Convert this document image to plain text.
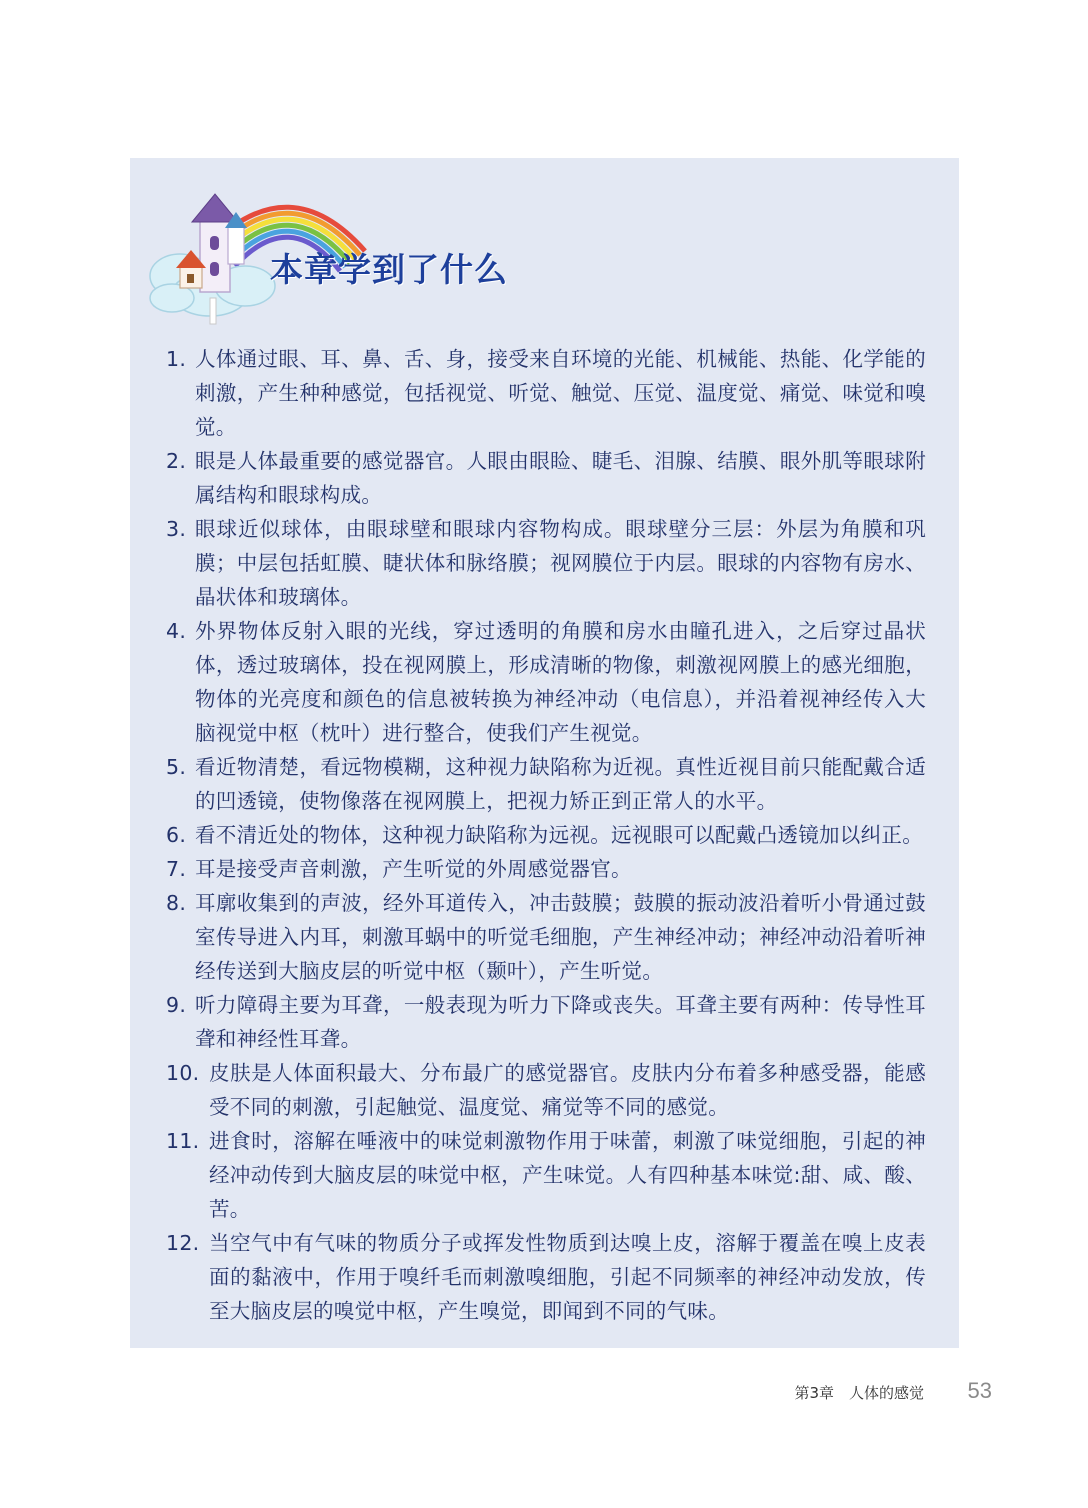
本章学到了什么
1. 人体通过眼、耳、鼻、舌、身，接受来自环境的光能、机械能、热能、化学能的刺激，产生种种感觉，包括视觉、听觉、触觉、压觉、温度觉、痛觉、味觉和嗅觉。
2. 眼是人体最重要的感觉器官。人眼由眼睑、睫毛、泪腺、结膜、眼外肌等眼球附属结构和眼球构成。
3. 眼球近似球体，由眼球壁和眼球内容物构成。眼球壁分三层：外层为角膜和巩膜；中层包括虹膜、睫状体和脉络膜；视网膜位于内层。眼球的内容物有房水、晶状体和玻璃体。
4. 外界物体反射入眼的光线，穿过透明的角膜和房水由瞳孔进入，之后穿过晶状体，透过玻璃体，投在视网膜上，形成清晰的物像，刺激视网膜上的感光细胞，物体的光亮度和颜色的信息被转换为神经冲动（电信息），并沿着视神经传入大脑视觉中枢（枕叶）进行整合，使我们产生视觉。
5. 看近物清楚，看远物模糊，这种视力缺陷称为近视。真性近视目前只能配戴合适的凹透镜，使物像落在视网膜上，把视力矫正到正常人的水平。
6. 看不清近处的物体，这种视力缺陷称为远视。远视眼可以配戴凸透镜加以纠正。
7. 耳是接受声音刺激，产生听觉的外周感觉器官。
8. 耳廓收集到的声波，经外耳道传入，冲击鼓膜；鼓膜的振动波沿着听小骨通过鼓室传导进入内耳，刺激耳蜗中的听觉毛细胞，产生神经冲动；神经冲动沿着听神经传送到大脑皮层的听觉中枢（颞叶），产生听觉。
9. 听力障碍主要为耳聋，一般表现为听力下降或丧失。耳聋主要有两种：传导性耳聋和神经性耳聋。
10. 皮肤是人体面积最大、分布最广的感觉器官。皮肤内分布着多种感受器，能感受不同的刺激，引起触觉、温度觉、痛觉等不同的感觉。
11. 进食时，溶解在唾液中的味觉刺激物作用于味蕾，刺激了味觉细胞，引起的神经冲动传到大脑皮层的味觉中枢，产生味觉。人有四种基本味觉:甜、咸、酸、苦。
12. 当空气中有气味的物质分子或挥发性物质到达嗅上皮，溶解于覆盖在嗅上皮表面的黏液中，作用于嗅纤毛而刺激嗅细胞，引起不同频率的神经冲动发放，传至大脑皮层的嗅觉中枢，产生嗅觉，即闻到不同的气味。
第3章　人体的感觉 53
